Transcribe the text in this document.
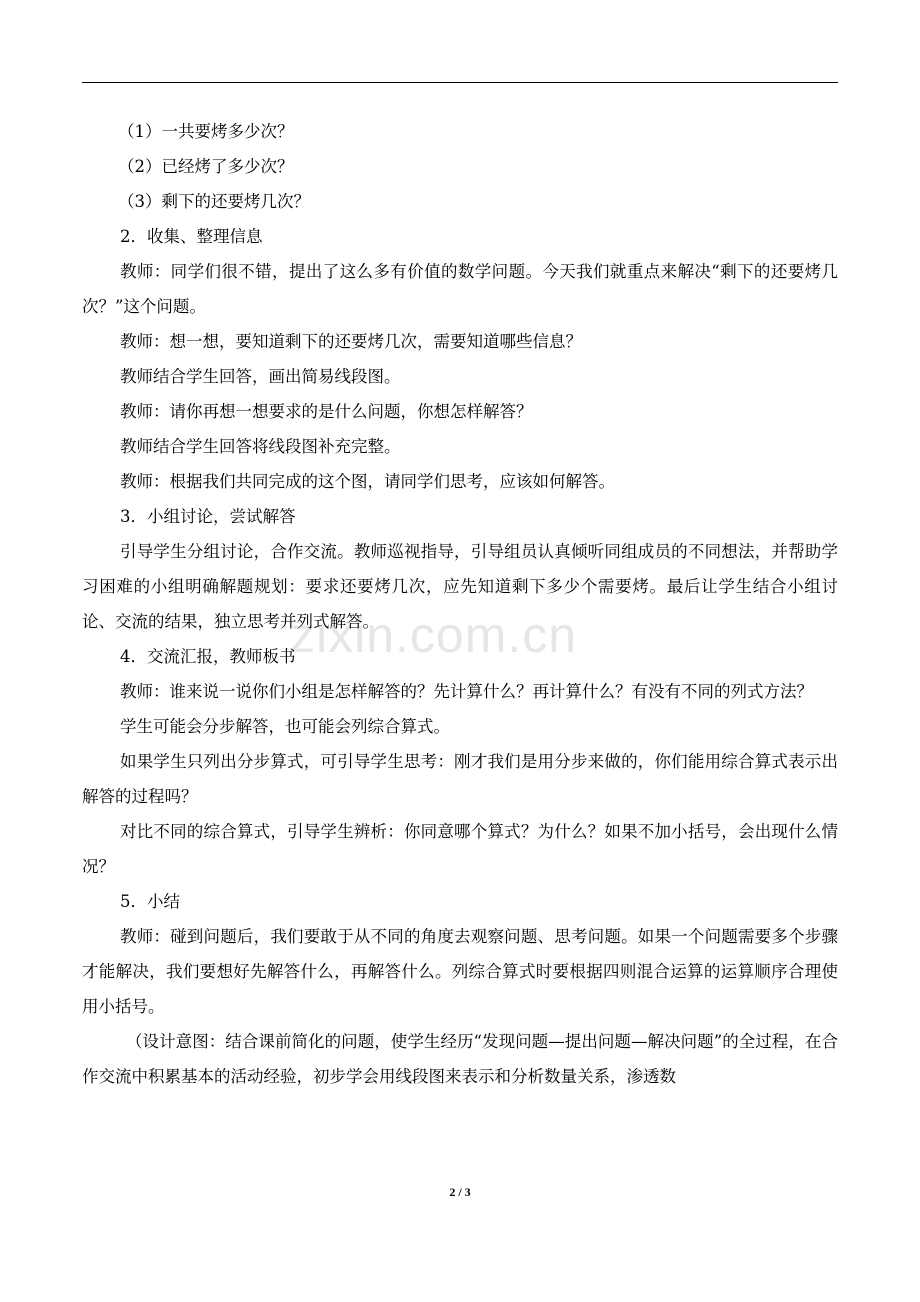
zixin.com.cn

（1）一共要烤多少次？

（2）已经烤了多少次？

（3）剩下的还要烤几次？

2．收集、整理信息

教师：同学们很不错，提出了这么多有价值的数学问题。今天我们就重点来解决“剩下的还要烤几次？”这个问题。

教师：想一想，要知道剩下的还要烤几次，需要知道哪些信息？

教师结合学生回答，画出简易线段图。

教师：请你再想一想要求的是什么问题，你想怎样解答？

教师结合学生回答将线段图补充完整。

教师：根据我们共同完成的这个图，请同学们思考，应该如何解答。

3．小组讨论，尝试解答

引导学生分组讨论，合作交流。教师巡视指导，引导组员认真倾听同组成员的不同想法，并帮助学习困难的小组明确解题规划：要求还要烤几次，应先知道剩下多少个需要烤。最后让学生结合小组讨论、交流的结果，独立思考并列式解答。

4．交流汇报，教师板书

教师：谁来说一说你们小组是怎样解答的？先计算什么？再计算什么？有没有不同的列式方法？

学生可能会分步解答，也可能会列综合算式。

如果学生只列出分步算式，可引导学生思考：刚才我们是用分步来做的，你们能用综合算式表示出解答的过程吗？

对比不同的综合算式，引导学生辨析：你同意哪个算式？为什么？如果不加小括号，会出现什么情况？

5．小结

教师：碰到问题后，我们要敢于从不同的角度去观察问题、思考问题。如果一个问题需要多个步骤才能解决，我们要想好先解答什么，再解答什么。列综合算式时要根据四则混合运算的运算顺序合理使用小括号。

（设计意图：结合课前简化的问题，使学生经历“发现问题—提出问题—解决问题”的全过程，在合作交流中积累基本的活动经验，初步学会用线段图来表示和分析数量关系，渗透数

2 / 3
